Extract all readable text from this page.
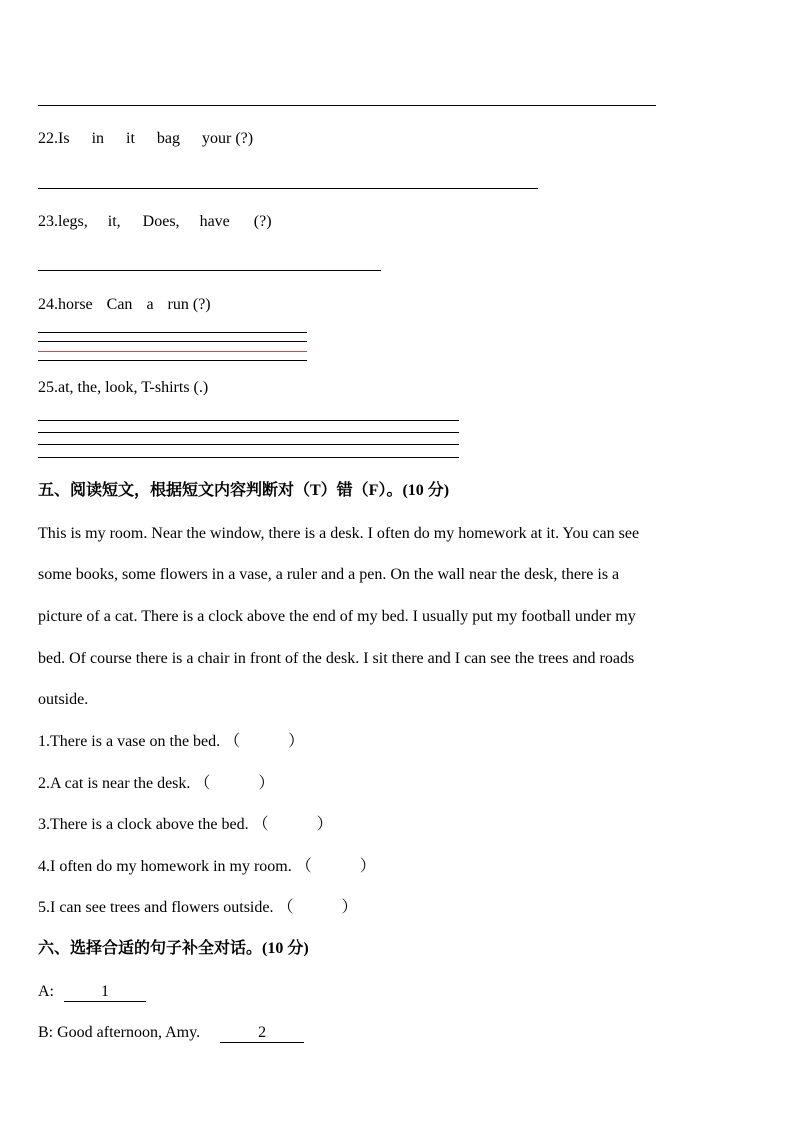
22.Is in it bag your (?)
23.legs, it, Does, have (?)
24.horse Can a run (?)
25.at, the, look, T-shirts (.)
五、阅读短文，根据短文内容判断对（T）错（F）。(10 分)
This is my room. Near the window, there is a desk. I often do my homework at it. You can see
some books, some flowers in a vase, a ruler and a pen. On the wall near the desk, there is a
picture of a cat. There is a clock above the end of my bed. I usually put my football under my
bed. Of course there is a chair in front of the desk. I sit there and I can see the trees and roads
outside.
1.There is a vase on the bed. （　　　）
2.A cat is near the desk. （　　　）
3.There is a clock above the bed. （　　　）
4.I often do my homework in my room. （　　　）
5.I can see trees and flowers outside. （　　　）
六、选择合适的句子补全对话。(10 分)
A:	1
B: Good afternoon, Amy.	2
